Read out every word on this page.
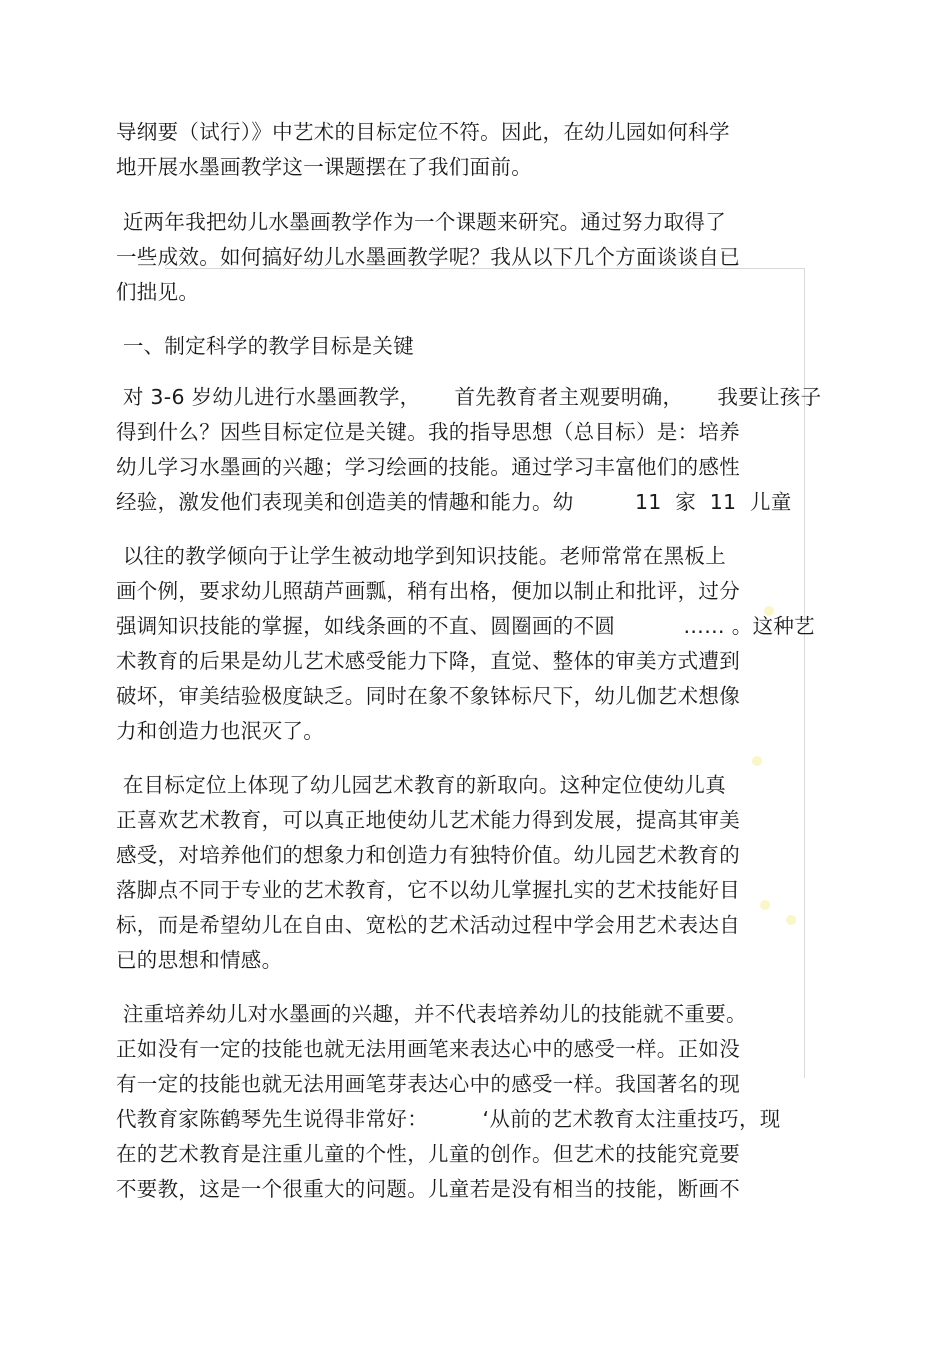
导纲要（试行）》中艺术的目标定位不符。因此，在幼儿园如何科学
地开展水墨画教学这一课题摆在了我们面前。
近两年我把幼儿水墨画教学作为一个课题来研究。通过努力取得了
一些成效。如何搞好幼儿水墨画教学呢？我从以下几个方面谈谈自已
们拙见。
一、制定科学的教学目标是关键
对 3-6 岁幼儿进行水墨画教学，     首先教育者主观要明确，     我要让孩子
得到什么？因些目标定位是关键。我的指导思想（总目标）是：培养
幼儿学习水墨画的兴趣；学习绘画的技能。通过学习丰富他们的感性
经验，激发他们表现美和创造美的情趣和能力。幼         11  家  11  儿童
以往的教学倾向于让学生被动地学到知识技能。老师常常在黑板上
画个例，要求幼儿照葫芦画瓢，稍有出格，便加以制止和批评，过分
强调知识技能的掌握，如线条画的不直、圆圈画的不圆          …… 。这种艺
术教育的后果是幼儿艺术感受能力下降，直觉、整体的审美方式遭到
破坏，审美结验极度缺乏。同时在象不象钵标尺下，幼儿伽艺术想像
力和创造力也泯灭了。
在目标定位上体现了幼儿园艺术教育的新取向。这种定位使幼儿真
正喜欢艺术教育，可以真正地使幼儿艺术能力得到发展，提高其审美
感受，对培养他们的想象力和创造力有独特价值。幼儿园艺术教育的
落脚点不同于专业的艺术教育，它不以幼儿掌握扎实的艺术技能好目
标，而是希望幼儿在自由、宽松的艺术活动过程中学会用艺术表达自
已的思想和情感。
注重培养幼儿对水墨画的兴趣，并不代表培养幼儿的技能就不重要。
正如没有一定的技能也就无法用画笔来表达心中的感受一样。正如没
有一定的技能也就无法用画笔芽表达心中的感受一样。我国著名的现
代教育家陈鹤琴先生说得非常好：        ‘从前的艺术教育太注重技巧，现
在的艺术教育是注重儿童的个性，儿童的创作。但艺术的技能究竟要
不要教，这是一个很重大的问题。儿童若是没有相当的技能，断画不
